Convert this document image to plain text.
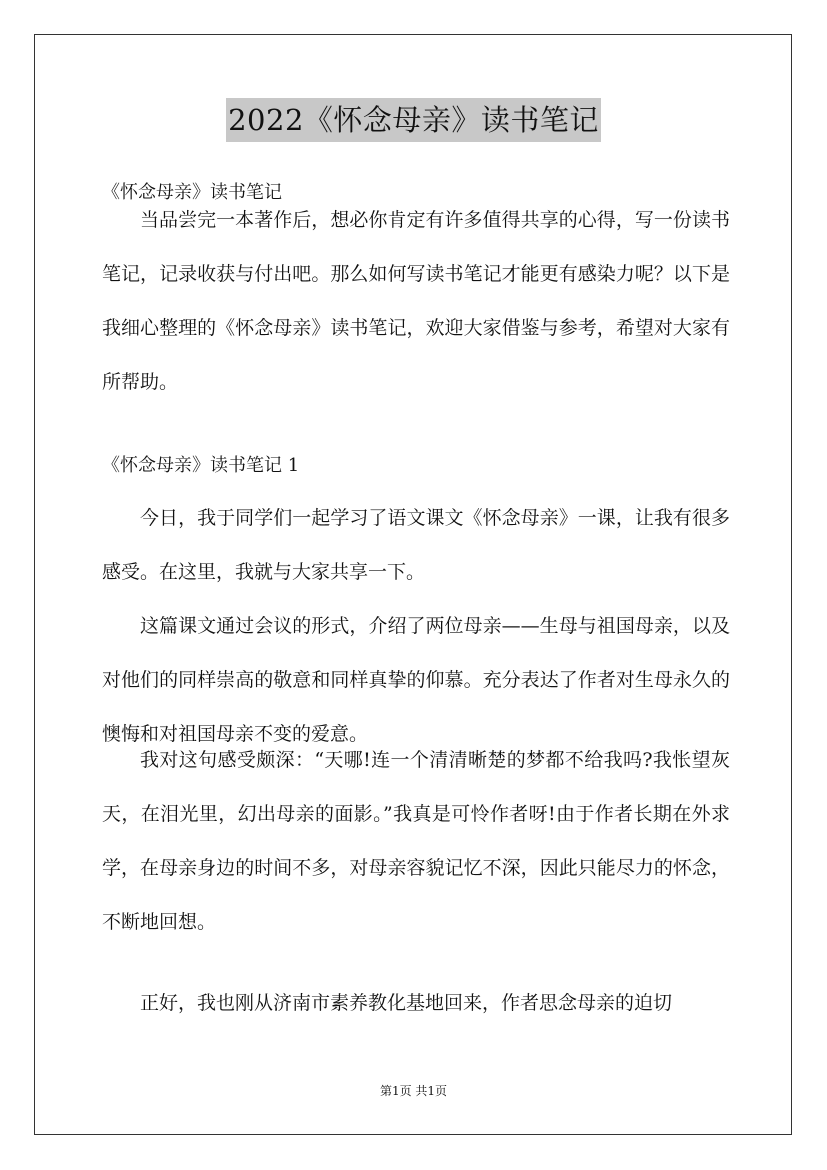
2022《怀念母亲》读书笔记
《怀念母亲》读书笔记
当品尝完一本著作后，想必你肯定有许多值得共享的心得，写一份读书笔记，记录收获与付出吧。那么如何写读书笔记才能更有感染力呢？以下是我细心整理的《怀念母亲》读书笔记，欢迎大家借鉴与参考，希望对大家有所帮助。
《怀念母亲》读书笔记 1
今日，我于同学们一起学习了语文课文《怀念母亲》一课，让我有很多感受。在这里，我就与大家共享一下。
这篇课文通过会议的形式，介绍了两位母亲——生母与祖国母亲，以及对他们的同样崇高的敬意和同样真挚的仰慕。充分表达了作者对生母永久的懊悔和对祖国母亲不变的爱意。
我对这句感受颇深：“天哪!连一个清清晰楚的梦都不给我吗?我怅望灰天，在泪光里，幻出母亲的面影。”我真是可怜作者呀!由于作者长期在外求学，在母亲身边的时间不多，对母亲容貌记忆不深，因此只能尽力的怀念，不断地回想。
正好，我也刚从济南市素养教化基地回来，作者思念母亲的迫切
第1页 共1页
